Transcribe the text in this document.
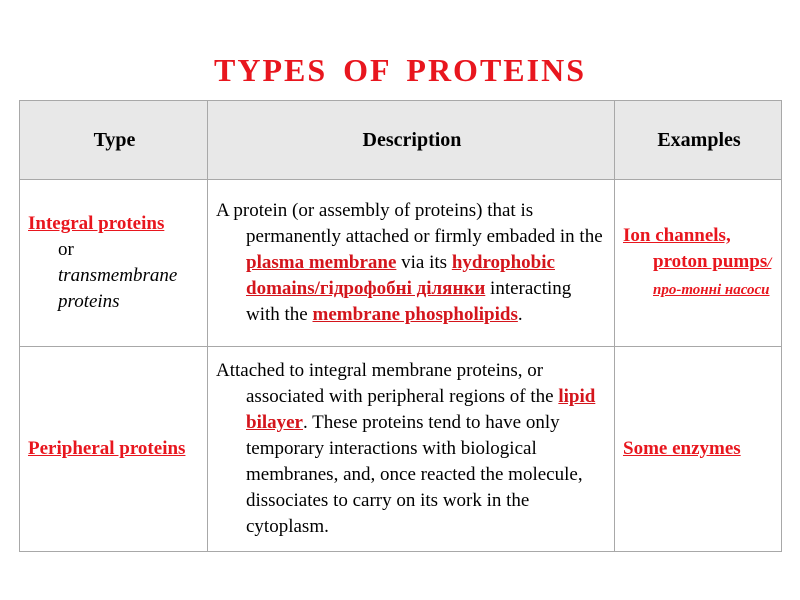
TYPES OF PROTEINS
Type	Description	Examples

Integral proteins
or
transmembrane
proteins	A protein (or assembly of proteins) that is permanently attached or firmly embaded in the plasma membrane via its hydrophobic domains/гідрофобні ділянки interacting with the membrane phospholipids.	Ion channels, proton pumps/про-тонні насоси

Peripheral proteins	Attached to integral membrane proteins, or associated with peripheral regions of the lipid bilayer. These proteins tend to have only temporary interactions with biological membranes, and, once reacted the molecule, dissociates to carry on its work in the cytoplasm.	Some enzymes
